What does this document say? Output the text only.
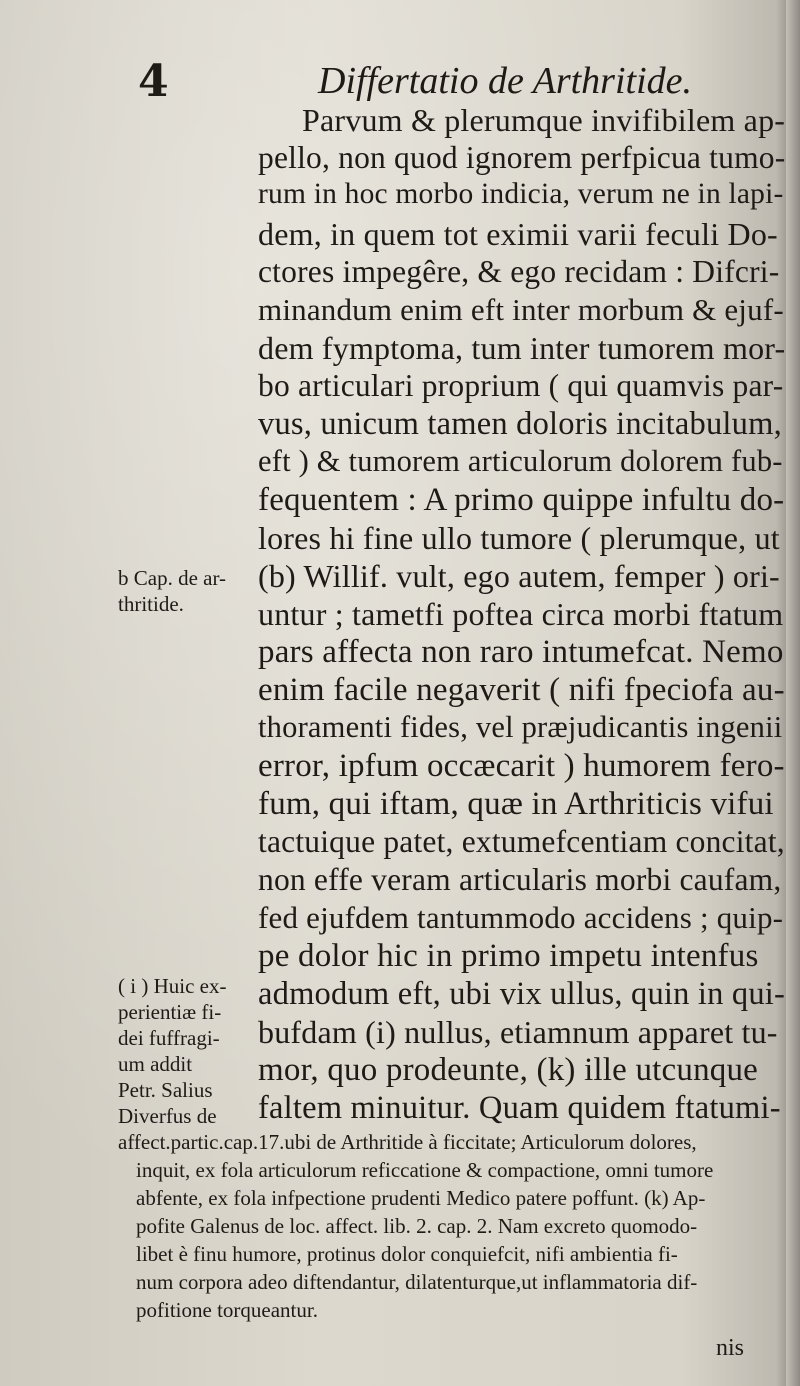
4	Differtatio de Arthritide.
Parvum & plerumque invifibilem ap-
pello, non quod ignorem perfpicua tumo-
rum in hoc morbo indicia, verum ne in lapi-
dem, in quem tot eximii varii feculi Do-
ctores impegêre, & ego recidam : Difcri-
minandum enim eft inter morbum & ejuf-
dem fymptoma, tum inter tumorem mor-
bo articulari proprium ( qui quamvis par-
vus, unicum tamen doloris incitabulum,
eft ) & tumorem articulorum dolorem fub-
fequentem : A primo quippe infultu do-
lores hi fine ullo tumore ( plerumque, ut
(b) Willif. vult, ego autem, femper ) ori-
untur ; tametfi poftea circa morbi ftatum
pars affecta non raro intumefcat. Nemo
enim facile negaverit ( nifi fpeciofa au-
thoramenti fides, vel præjudicantis ingenii
error, ipfum occæcarit ) humorem fero-
fum, qui iftam, quæ in Arthriticis vifui
tactuique patet, extumefcentiam concitat,
non effe veram articularis morbi caufam,
fed ejufdem tantummodo accidens ; quip-
pe dolor hic in primo impetu intenfus
admodum eft, ubi vix ullus, quin in qui-
bufdam (i) nullus, etiamnum apparet tu-
mor, quo prodeunte, (k) ille utcunque
faltem minuitur. Quam quidem ftatumi-
b Cap. de ar-
thritide.
( i ) Huic ex-
perientiæ fi-
dei fuffragi-
um addit
Petr. Salius
Diverfus de
affect.partic.cap.17.ubi de Arthritide à ficcitate; Articulorum dolores,
inquit, ex fola articulorum reficcatione & compactione, omni tumore
abfente, ex fola infpectione prudenti Medico patere poffunt. (k) Ap-
pofite Galenus de loc. affect. lib. 2. cap. 2. Nam excreto quomodo-
libet è finu humore, protinus dolor conquiefcit, nifi ambientia fi-
num corpora adeo diftendantur, dilatenturque,ut inflammatoria dif-
pofitione torqueantur.
nis
